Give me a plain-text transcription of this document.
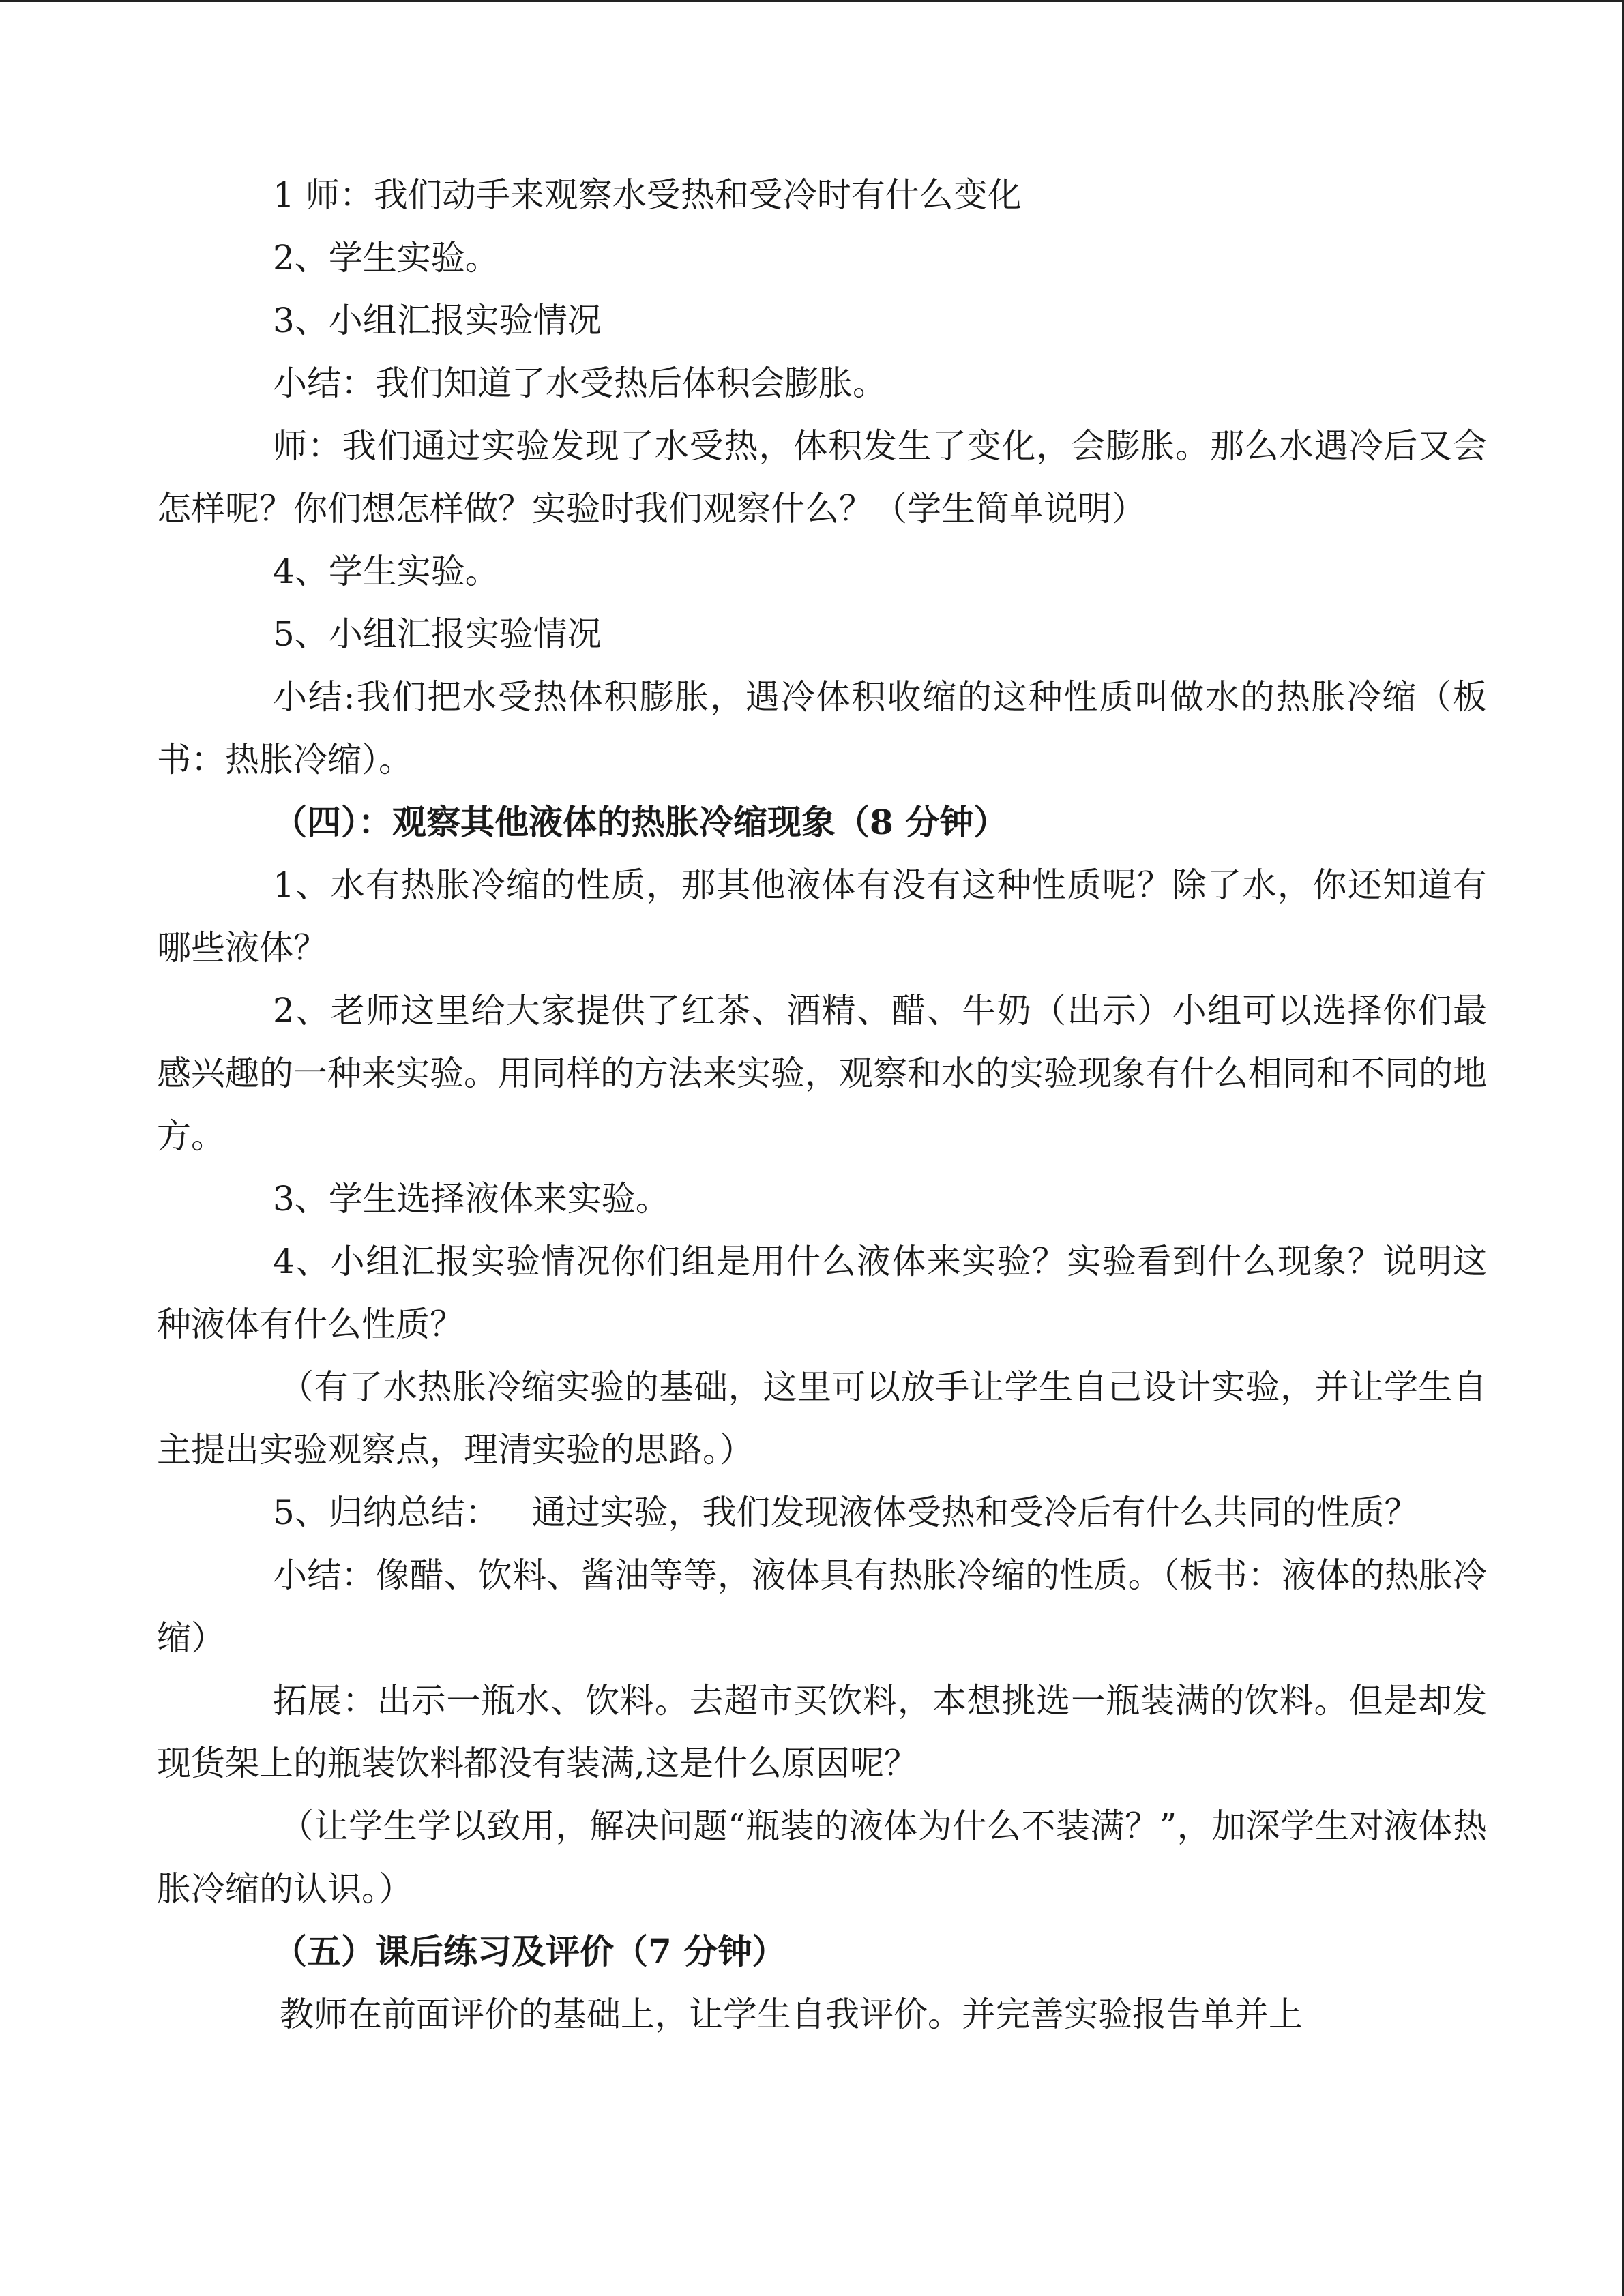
1 师：我们动手来观察水受热和受冷时有什么变化

2、学生实验。

3、小组汇报实验情况

小结：我们知道了水受热后体积会膨胀。

师：我们通过实验发现了水受热，体积发生了变化，会膨胀。那么水遇冷后又会怎样呢？你们想怎样做？实验时我们观察什么？（学生简单说明）

4、学生实验。

5、小组汇报实验情况

小结:我们把水受热体积膨胀，遇冷体积收缩的这种性质叫做水的热胀冷缩（板书：热胀冷缩）。

（四）：观察其他液体的热胀冷缩现象（8 分钟）

1、水有热胀冷缩的性质，那其他液体有没有这种性质呢？除了水，你还知道有哪些液体？

2、老师这里给大家提供了红茶、酒精、醋、牛奶（出示）小组可以选择你们最感兴趣的一种来实验。用同样的方法来实验，观察和水的实验现象有什么相同和不同的地方。

3、学生选择液体来实验。

4、小组汇报实验情况你们组是用什么液体来实验？实验看到什么现象？说明这种液体有什么性质？

（有了水热胀冷缩实验的基础，这里可以放手让学生自己设计实验，并让学生自主提出实验观察点，理清实验的思路。）

5、归纳总结：   通过实验，我们发现液体受热和受冷后有什么共同的性质？

小结：像醋、饮料、酱油等等，液体具有热胀冷缩的性质。（板书：液体的热胀冷缩）

拓展：出示一瓶水、饮料。去超市买饮料，本想挑选一瓶装满的饮料。但是却发现货架上的瓶装饮料都没有装满,这是什么原因呢？

（让学生学以致用，解决问题“瓶装的液体为什么不装满？”，加深学生对液体热胀冷缩的认识。）

（五）课后练习及评价（7 分钟）

教师在前面评价的基础上，让学生自我评价。并完善实验报告单并上
